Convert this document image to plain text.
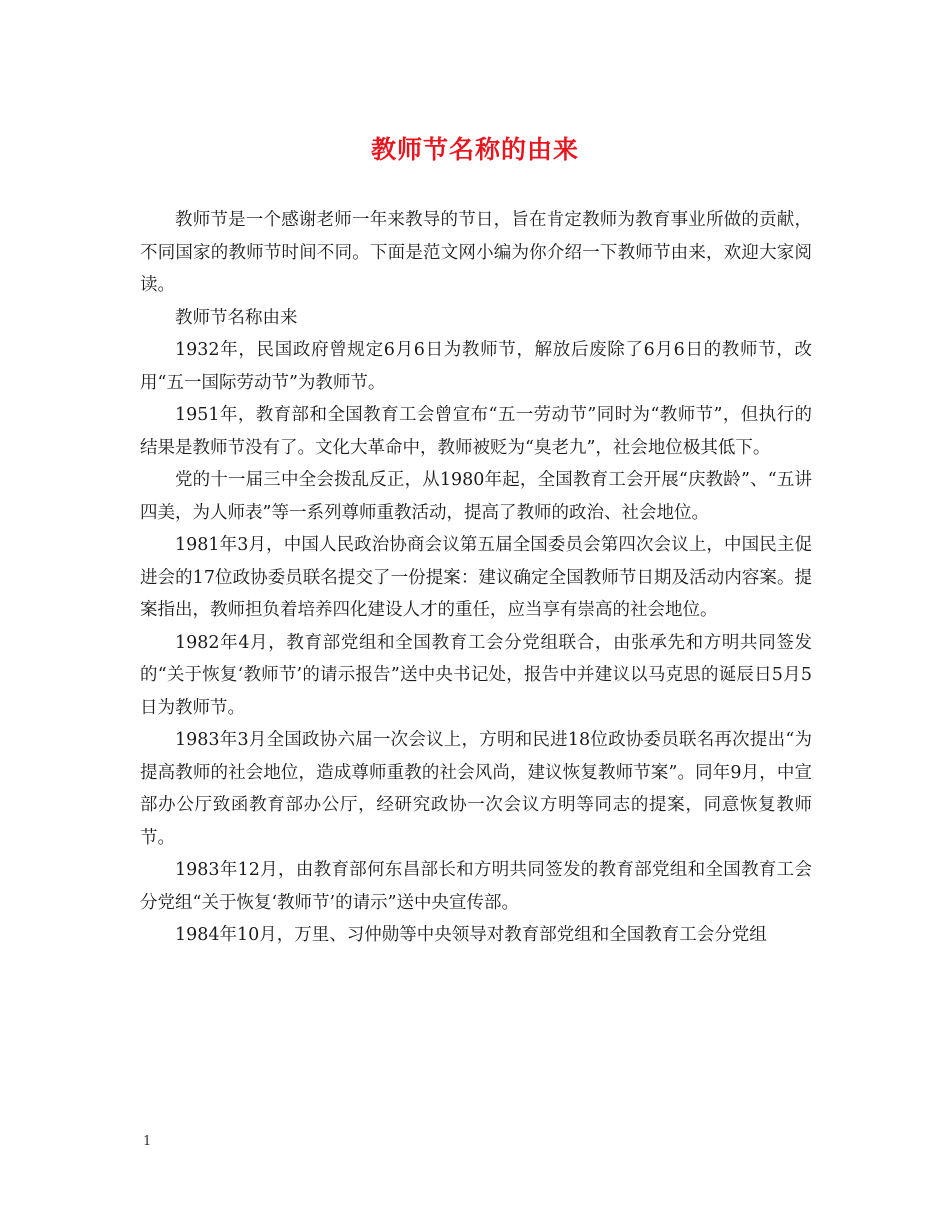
教师节名称的由来

教师节是一个感谢老师一年来教导的节日，旨在肯定教师为教育事业所做的贡献，不同国家的教师节时间不同。下面是范文网小编为你介绍一下教师节由来，欢迎大家阅读。

教师节名称由来

1932年，民国政府曾规定6月6日为教师节，解放后废除了6月6日的教师节，改用“五一国际劳动节”为教师节。

1951年，教育部和全国教育工会曾宣布“五一劳动节”同时为“教师节”，但执行的结果是教师节没有了。文化大革命中，教师被贬为“臭老九”，社会地位极其低下。

党的十一届三中全会拨乱反正，从1980年起，全国教育工会开展“庆教龄”、“五讲四美，为人师表”等一系列尊师重教活动，提高了教师的政治、社会地位。

1981年3月，中国人民政治协商会议第五届全国委员会第四次会议上，中国民主促进会的17位政协委员联名提交了一份提案：建议确定全国教师节日期及活动内容案。提案指出，教师担负着培养四化建设人才的重任，应当享有崇高的社会地位。

1982年4月，教育部党组和全国教育工会分党组联合，由张承先和方明共同签发的“关于恢复‘教师节’的请示报告”送中央书记处，报告中并建议以马克思的诞辰日5月5日为教师节。

1983年3月全国政协六届一次会议上，方明和民进18位政协委员联名再次提出“为提高教师的社会地位，造成尊师重教的社会风尚，建议恢复教师节案”。同年9月，中宣部办公厅致函教育部办公厅，经研究政协一次会议方明等同志的提案，同意恢复教师节。

1983年12月，由教育部何东昌部长和方明共同签发的教育部党组和全国教育工会分党组“关于恢复‘教师节’的请示”送中央宣传部。

1984年10月，万里、习仲勋等中央领导对教育部党组和全国教育工会分党组

1
